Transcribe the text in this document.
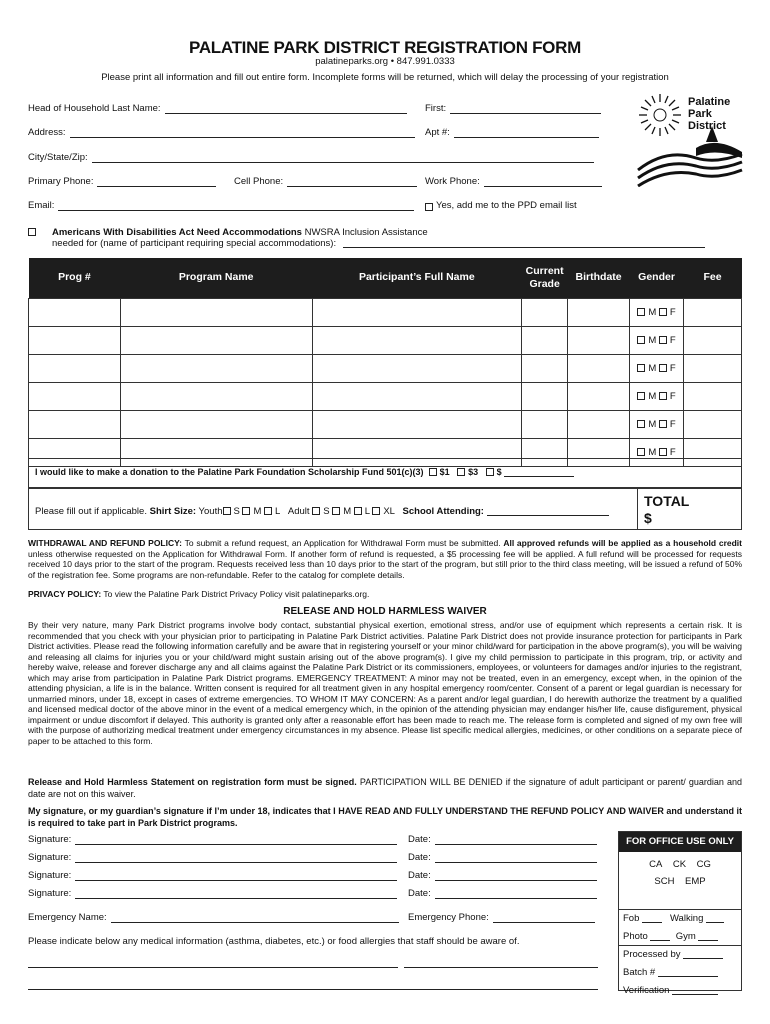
PALATINE PARK DISTRICT REGISTRATION FORM
palatineparks.org • 847.991.0333
Please print all information and fill out entire form. Incomplete forms will be returned, which will delay the processing of your registration
Palatine
Park
District
Head of Household Last Name:	First:
Address:	Apt #:
City/State/Zip:
Primary Phone:	Cell Phone:	Work Phone:
Email:	Yes, add me to the PPD email list
Americans With Disabilities Act Need Accommodations NWSRA Inclusion Assistance
needed for (name of participant requiring special accommodations):
Prog #	Program Name	Participant’s Full Name	Current
Grade	Birthdate	Gender	Fee
					M F	
					M F	
					M F	
					M F	
					M F	
					M F	
I would like to make a donation to the Palatine Park Foundation Scholarship Fund 501(c)(3) $1 $3 $
Please fill out if applicable. Shirt Size: Youth S M L Adult S M L XL School Attending:
TOTAL
$
WITHDRAWAL AND REFUND POLICY: To submit a refund request, an Application for Withdrawal Form must be submitted. All approved refunds will be applied as a household credit unless otherwise requested on the Application for Withdrawal Form. If another form of refund is requested, a $5 processing fee will be applied. A full refund will be processed for requests received 10 days prior to the start of the program. Requests received less than 10 days prior to the start of the program, but still prior to the third class meeting, will be issued a refund of 50% of the registration fee. Some programs are non-refundable. Refer to the catalog for complete details.
PRIVACY POLICY: To view the Palatine Park District Privacy Policy visit palatineparks.org.
RELEASE AND HOLD HARMLESS WAIVER
By their very nature, many Park District programs involve body contact, substantial physical exertion, emotional stress, and/or use of equipment which represents a certain risk. It is recommended that you check with your physician prior to participating in Palatine Park District activities. Palatine Park District does not provide insurance protection for participants in Park District activities. Please read the following information carefully and be aware that in registering yourself or your minor child/ward for participation in the above program(s), you will be waiving and releasing all claims for injuries you or your child/ward might sustain arising out of the above program(s). I give my child permission to participate in this program, trip, or activity and hereby waive, release and forever discharge any and all claims against the Palatine Park District or its commissioners, employees, or volunteers for damages and/or injuries to the registrant, which may arise from participation in Palatine Park District programs. EMERGENCY TREATMENT: A minor may not be treated, even in an emergency, except when, in the opinion of the attending physician, a life is in the balance. Written consent is required for all treatment given in any hospital emergency room/center. Consent of a parent or legal guardian is necessary for unmarried minors, under 18, except in cases of extreme emergencies. TO WHOM IT MAY CONCERN: As a parent and/or legal guardian, I do herewith authorize the treatment by a qualified and licensed medical doctor of the above minor in the event of a medical emergency which, in the opinion of the attending physician may endanger his/her life, cause disfigurement, physical impairment or undue discomfort if delayed. This authority is granted only after a reasonable effort has been made to reach me. The release form is completed and signed of my own free will with the purpose of authorizing medical treatment under emergency circumstances in my absence. Please list specific medical allergies, medicines, or other conditions on a separate piece of paper to be attached to this form.
Release and Hold Harmless Statement on registration form must be signed. PARTICIPATION WILL BE DENIED if the signature of adult participant or parent/ guardian and date are not on this waiver.
My signature, or my guardian’s signature if I’m under 18, indicates that I HAVE READ AND FULLY UNDERSTAND THE REFUND POLICY AND WAIVER and understand it is required to take part in Park District programs.
Signature:	Date:
Signature:	Date:
Signature:	Date:
Signature:	Date:
Emergency Name:	Emergency Phone:
Please indicate below any medical information (asthma, diabetes, etc.) or food allergies that staff should be aware of.
FOR OFFICE USE ONLY
CA CK CG
SCH EMP
Fob	Walking
Photo	Gym
Processed by
Batch #
Verification
